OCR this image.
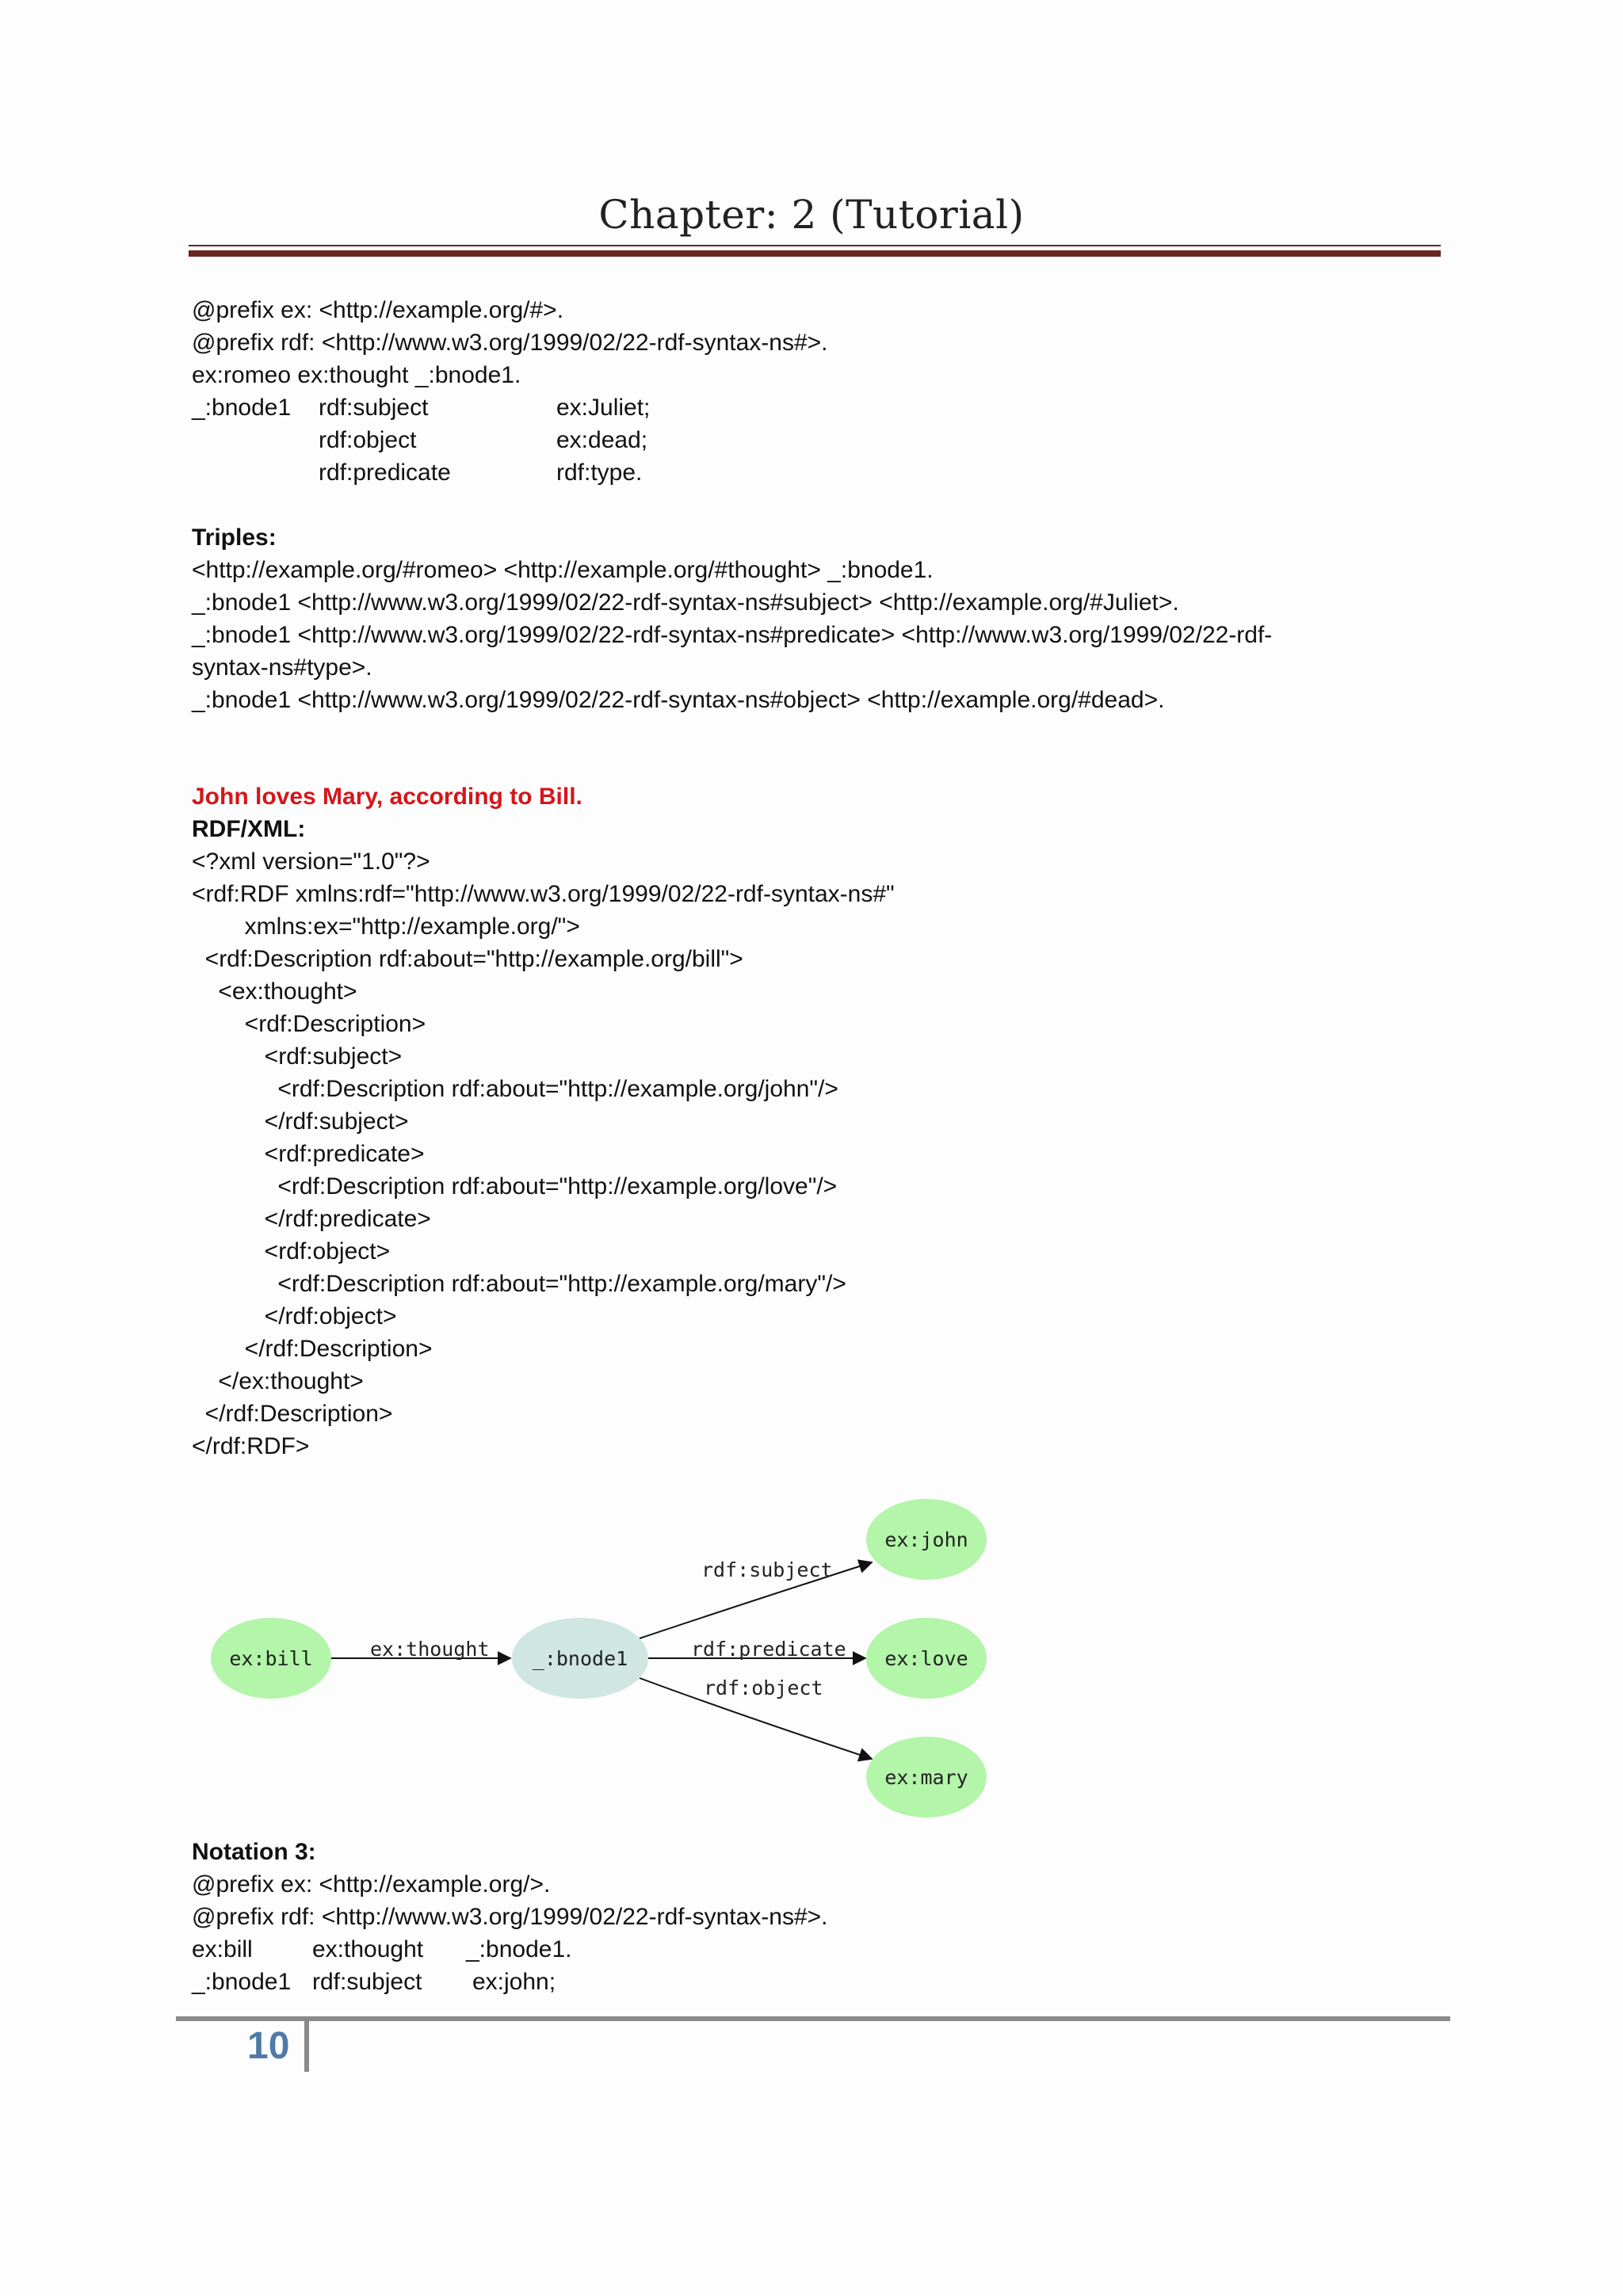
Chapter: 2 (Tutorial)
@prefix ex: <http://example.org/#>.
@prefix rdf: <http://www.w3.org/1999/02/22-rdf-syntax-ns#>.
ex:romeo ex:thought _:bnode1.
_:bnode1 rdf:subject	ex:Juliet;
rdf:object	ex:dead;
rdf:predicate	rdf:type.
Triples:
<http://example.org/#romeo> <http://example.org/#thought> _:bnode1.
_:bnode1 <http://www.w3.org/1999/02/22-rdf-syntax-ns#subject> <http://example.org/#Juliet>.
_:bnode1 <http://www.w3.org/1999/02/22-rdf-syntax-ns#predicate> <http://www.w3.org/1999/02/22-rdf-
syntax-ns#type>.
_:bnode1 <http://www.w3.org/1999/02/22-rdf-syntax-ns#object> <http://example.org/#dead>.
John loves Mary, according to Bill.
RDF/XML:
<?xml version="1.0"?>
<rdf:RDF xmlns:rdf="http://www.w3.org/1999/02/22-rdf-syntax-ns#"
xmlns:ex="http://example.org/">
<rdf:Description rdf:about="http://example.org/bill">
<ex:thought>
<rdf:Description>
<rdf:subject>
<rdf:Description rdf:about="http://example.org/john"/>
</rdf:subject>
<rdf:predicate>
<rdf:Description rdf:about="http://example.org/love"/>
</rdf:predicate>
<rdf:object>
<rdf:Description rdf:about="http://example.org/mary"/>
</rdf:object>
</rdf:Description>
</ex:thought>
</rdf:Description>
</rdf:RDF>
Notation 3:
@prefix ex: <http://example.org/>.
@prefix rdf: <http://www.w3.org/1999/02/22-rdf-syntax-ns#>.
ex:bill	ex:thought _:bnode1.
_:bnode1 rdf:subject ex:john;
ex:thought
rdf:subject
rdf:predicate
rdf:object
ex:bill	_:bnode1
ex:john
ex:love
ex:mary
10
